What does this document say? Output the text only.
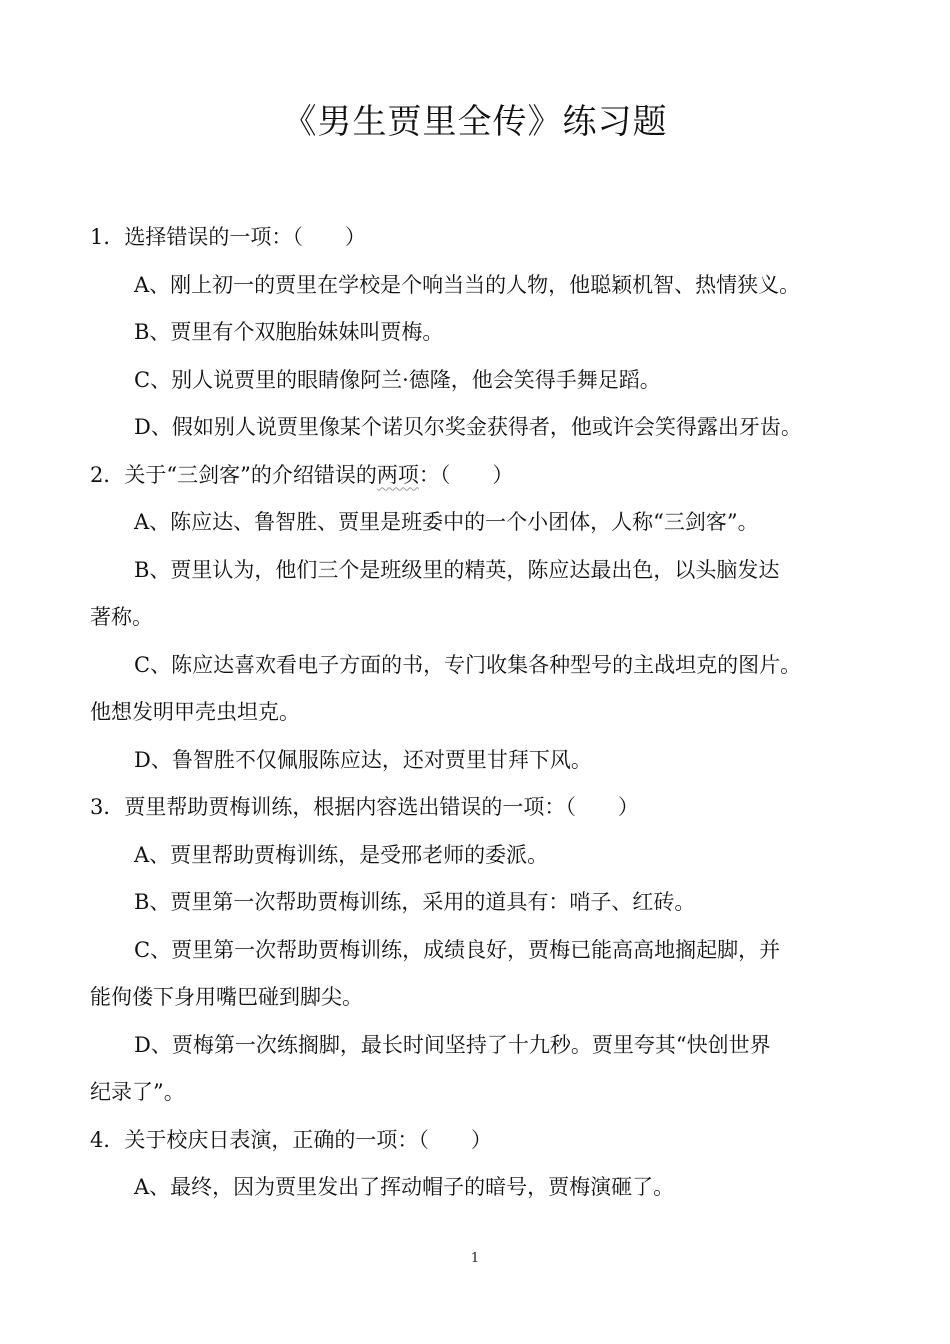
《男生贾里全传》练习题
1．选择错误的一项：（　　）
A、刚上初一的贾里在学校是个响当当的人物，他聪颖机智、热情狭义。
B、贾里有个双胞胎妹妹叫贾梅。
C、别人说贾里的眼睛像阿兰·德隆，他会笑得手舞足蹈。
D、假如别人说贾里像某个诺贝尔奖金获得者，他或许会笑得露出牙齿。
2．关于“三剑客”的介绍错误的两项：（　　）
A、陈应达、鲁智胜、贾里是班委中的一个小团体，人称“三剑客”。
B、贾里认为，他们三个是班级里的精英，陈应达最出色，以头脑发达
著称。
C、陈应达喜欢看电子方面的书，专门收集各种型号的主战坦克的图片。
他想发明甲壳虫坦克。
D、鲁智胜不仅佩服陈应达，还对贾里甘拜下风。
3．贾里帮助贾梅训练，根据内容选出错误的一项：（　　）
A、贾里帮助贾梅训练，是受邢老师的委派。
B、贾里第一次帮助贾梅训练，采用的道具有：哨子、红砖。
C、贾里第一次帮助贾梅训练，成绩良好，贾梅已能高高地搁起脚，并
能佝偻下身用嘴巴碰到脚尖。
D、贾梅第一次练搁脚，最长时间坚持了十九秒。贾里夸其“快创世界
纪录了”。
4．关于校庆日表演，正确的一项：（　　）
A、最终，因为贾里发出了挥动帽子的暗号，贾梅演砸了。
1
